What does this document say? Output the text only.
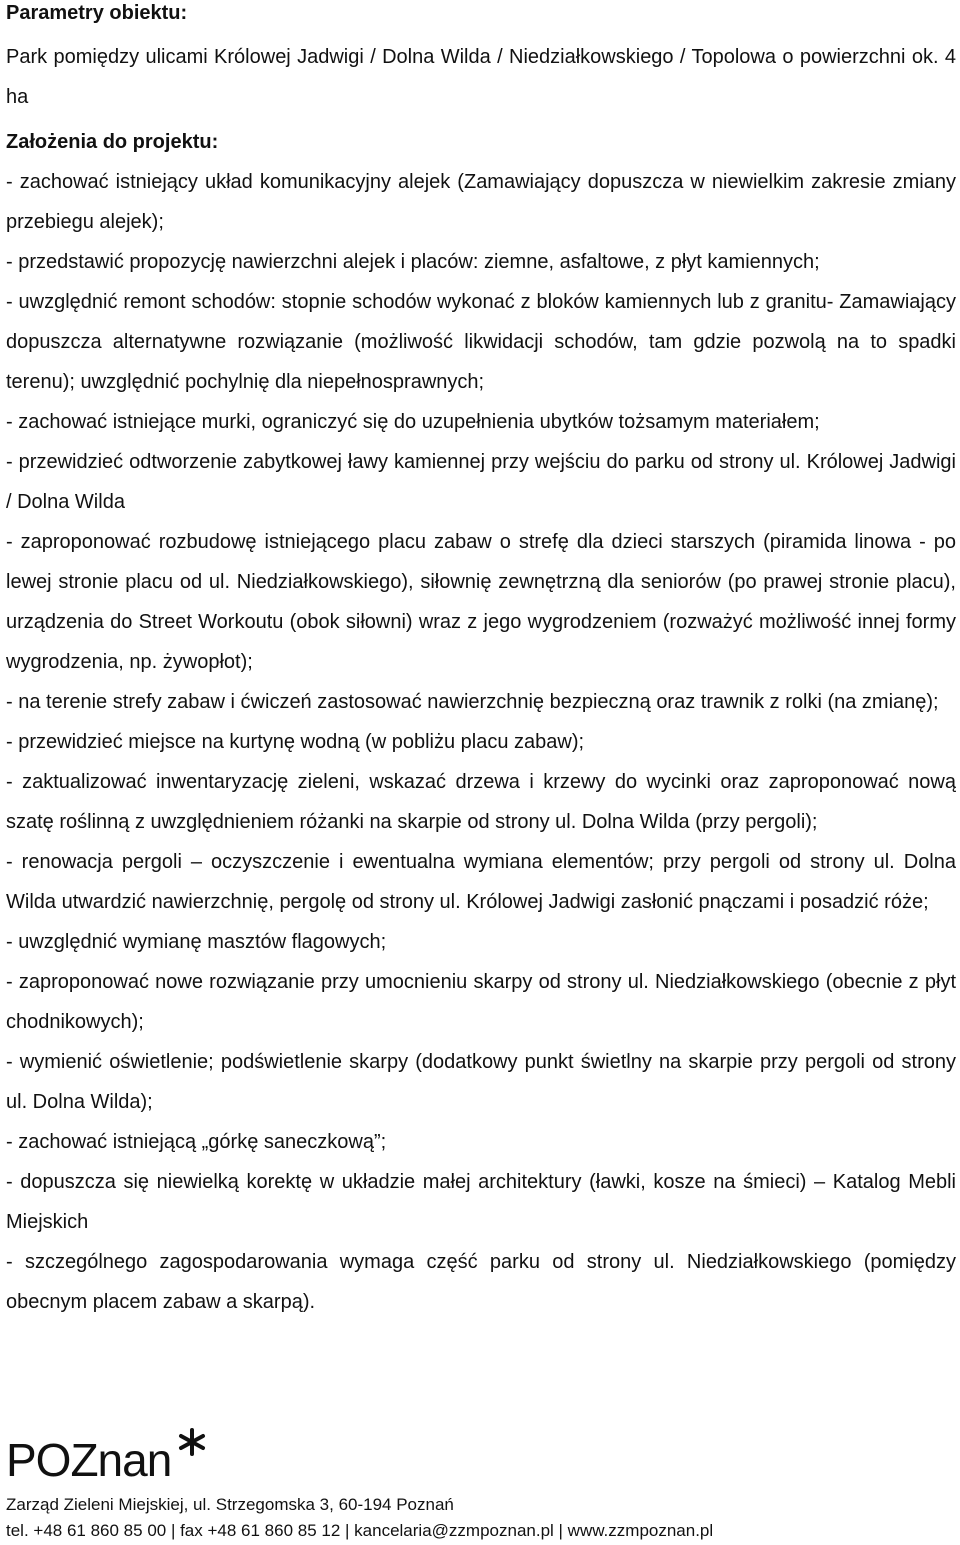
Parametry obiektu:

Park pomiędzy ulicami Królowej Jadwigi / Dolna Wilda / Niedziałkowskiego / Topolowa o powierzchni ok. 4 ha

Założenia do projektu:

- zachować istniejący układ komunikacyjny alejek (Zamawiający dopuszcza w niewielkim zakresie zmiany przebiegu alejek);
- przedstawić propozycję nawierzchni alejek i placów: ziemne, asfaltowe, z płyt kamiennych;
- uwzględnić remont schodów: stopnie schodów wykonać z bloków kamiennych lub z granitu- Zamawiający dopuszcza alternatywne rozwiązanie (możliwość likwidacji schodów, tam gdzie pozwolą na to spadki terenu); uwzględnić pochylnię dla niepełnosprawnych;
- zachować istniejące murki, ograniczyć się do uzupełnienia ubytków tożsamym materiałem;
- przewidzieć odtworzenie zabytkowej ławy kamiennej przy wejściu do parku od strony ul. Królowej Jadwigi / Dolna Wilda
- zaproponować rozbudowę istniejącego placu zabaw o strefę dla dzieci starszych (piramida linowa - po lewej stronie placu od ul. Niedziałkowskiego), siłownię zewnętrzną dla seniorów (po prawej stronie placu), urządzenia do Street Workoutu (obok siłowni) wraz z jego wygrodzeniem (rozważyć możliwość innej formy wygrodzenia, np. żywopłot);
- na terenie strefy zabaw i ćwiczeń zastosować nawierzchnię bezpieczną oraz trawnik z rolki (na zmianę);
- przewidzieć miejsce na kurtynę wodną (w pobliżu placu zabaw);
- zaktualizować inwentaryzację zieleni, wskazać drzewa i krzewy do wycinki oraz zaproponować nową szatę roślinną z uwzględnieniem różanki na skarpie od strony ul. Dolna Wilda (przy pergoli);
- renowacja pergoli – oczyszczenie i ewentualna wymiana elementów; przy pergoli od strony ul. Dolna Wilda utwardzić nawierzchnię, pergolę od strony ul. Królowej Jadwigi zasłonić pnączami i posadzić róże;
- uwzględnić wymianę masztów flagowych;
- zaproponować nowe rozwiązanie przy umocnieniu skarpy od strony ul. Niedziałkowskiego (obecnie z płyt chodnikowych);
- wymienić oświetlenie; podświetlenie skarpy (dodatkowy punkt świetlny na skarpie przy pergoli od strony ul. Dolna Wilda);
- zachować istniejącą „górkę saneczkową”;
- dopuszcza się niewielką korektę w układzie małej architektury (ławki, kosze na śmieci) – Katalog Mebli Miejskich
- szczególnego zagospodarowania wymaga część parku od strony ul. Niedziałkowskiego (pomiędzy obecnym placem zabaw a skarpą).
POZnan
Zarząd Zieleni Miejskiej, ul. Strzegomska 3, 60-194 Poznań
tel. +48 61 860 85 00 | fax +48 61 860 85 12 | kancelaria@zzmpoznan.pl | www.zzmpoznan.pl
